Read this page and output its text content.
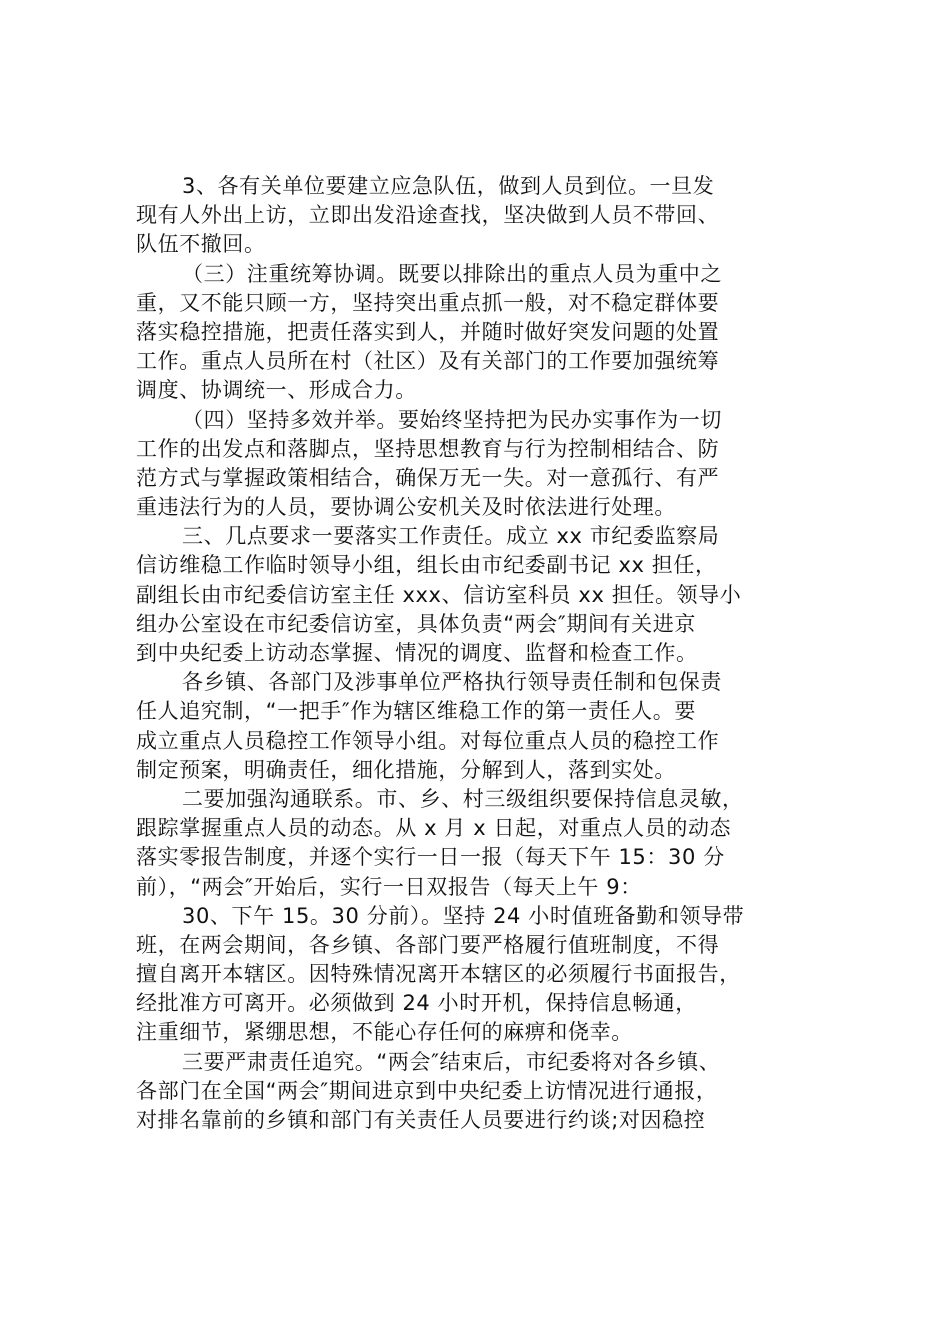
3、各有关单位要建立应急队伍，做到人员到位。一旦发
现有人外出上访，立即出发沿途查找，坚决做到人员不带回、
队伍不撤回。
（三）注重统筹协调。既要以排除出的重点人员为重中之
重，又不能只顾一方，坚持突出重点抓一般，对不稳定群体要
落实稳控措施，把责任落实到人，并随时做好突发问题的处置
工作。重点人员所在村（社区）及有关部门的工作要加强统筹
调度、协调统一、形成合力。
（四）坚持多效并举。要始终坚持把为民办实事作为一切
工作的出发点和落脚点，坚持思想教育与行为控制相结合、防
范方式与掌握政策相结合，确保万无一失。对一意孤行、有严
重违法行为的人员，要协调公安机关及时依法进行处理。
三、几点要求一要落实工作责任。成立 xx 市纪委监察局
信访维稳工作临时领导小组，组长由市纪委副书记 xx 担任，
副组长由市纪委信访室主任 xxx、信访室科员 xx 担任。领导小
组办公室设在市纪委信访室，具体负责“两会″期间有关进京
到中央纪委上访动态掌握、情况的调度、监督和检查工作。
各乡镇、各部门及涉事单位严格执行领导责任制和包保责
任人追究制，“一把手″作为辖区维稳工作的第一责任人。要
成立重点人员稳控工作领导小组。对每位重点人员的稳控工作
制定预案，明确责任，细化措施，分解到人，落到实处。
二要加强沟通联系。市、乡、村三级组织要保持信息灵敏，
跟踪掌握重点人员的动态。从 x 月 x 日起，对重点人员的动态
落实零报告制度，并逐个实行一日一报（每天下午 15：30 分
前），“两会″开始后，实行一日双报告（每天上午 9：
30、下午 15。30 分前）。坚持 24 小时值班备勤和领导带
班，在两会期间，各乡镇、各部门要严格履行值班制度，不得
擅自离开本辖区。因特殊情况离开本辖区的必须履行书面报告，
经批准方可离开。必须做到 24 小时开机，保持信息畅通，
注重细节，紧绷思想，不能心存任何的麻痹和侥幸。
三要严肃责任追究。“两会″结束后，市纪委将对各乡镇、
各部门在全国“两会″期间进京到中央纪委上访情况进行通报，
对排名靠前的乡镇和部门有关责任人员要进行约谈;对因稳控
